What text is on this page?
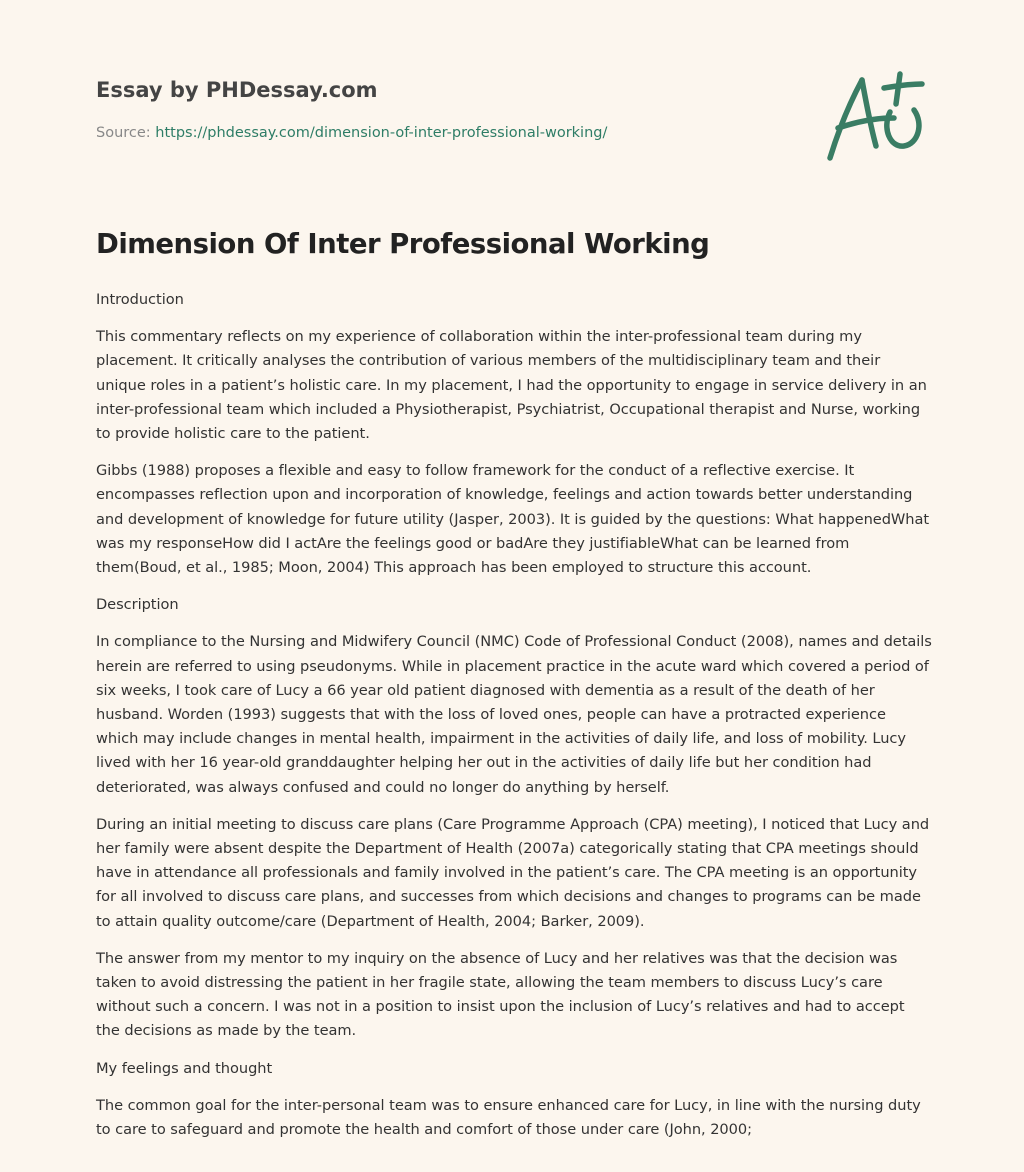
Essay by PHDessay.com
Source: https://phdessay.com/dimension-of-inter-professional-working/
Dimension Of Inter Professional Working

Introduction

This commentary reflects on my experience of collaboration within the inter-professional team during my placement. It critically analyses the contribution of various members of the multidisciplinary team and their unique roles in a patient’s holistic care. In my placement, I had the opportunity to engage in service delivery in an inter-professional team which included a Physiotherapist, Psychiatrist, Occupational therapist and Nurse, working to provide holistic care to the patient.

Gibbs (1988) proposes a flexible and easy to follow framework for the conduct of a reflective exercise. It encompasses reflection upon and incorporation of knowledge, feelings and action towards better understanding and development of knowledge for future utility (Jasper, 2003). It is guided by the questions: What happenedWhat was my responseHow did I actAre the feelings good or badAre they justifiableWhat can be learned from them(Boud, et al., 1985; Moon, 2004) This approach has been employed to structure this account.

Description

In compliance to the Nursing and Midwifery Council (NMC) Code of Professional Conduct (2008), names and details herein are referred to using pseudonyms. While in placement practice in the acute ward which covered a period of six weeks, I took care of Lucy a 66 year old patient diagnosed with dementia as a result of the death of her husband. Worden (1993) suggests that with the loss of loved ones, people can have a protracted experience which may include changes in mental health, impairment in the activities of daily life, and loss of mobility. Lucy lived with her 16 year-old granddaughter helping her out in the activities of daily life but her condition had deteriorated, was always confused and could no longer do anything by herself.

During an initial meeting to discuss care plans (Care Programme Approach (CPA) meeting), I noticed that Lucy and her family were absent despite the Department of Health (2007a) categorically stating that CPA meetings should have in attendance all professionals and family involved in the patient’s care. The CPA meeting is an opportunity for all involved to discuss care plans, and successes from which decisions and changes to programs can be made to attain quality outcome/care (Department of Health, 2004; Barker, 2009).

The answer from my mentor to my inquiry on the absence of Lucy and her relatives was that the decision was taken to avoid distressing the patient in her fragile state, allowing the team members to discuss Lucy’s care without such a concern. I was not in a position to insist upon the inclusion of Lucy’s relatives and had to accept the decisions as made by the team.

My feelings and thought

The common goal for the inter-personal team was to ensure enhanced care for Lucy, in line with the nursing duty to care to safeguard and promote the health and comfort of those under care (John, 2000;
